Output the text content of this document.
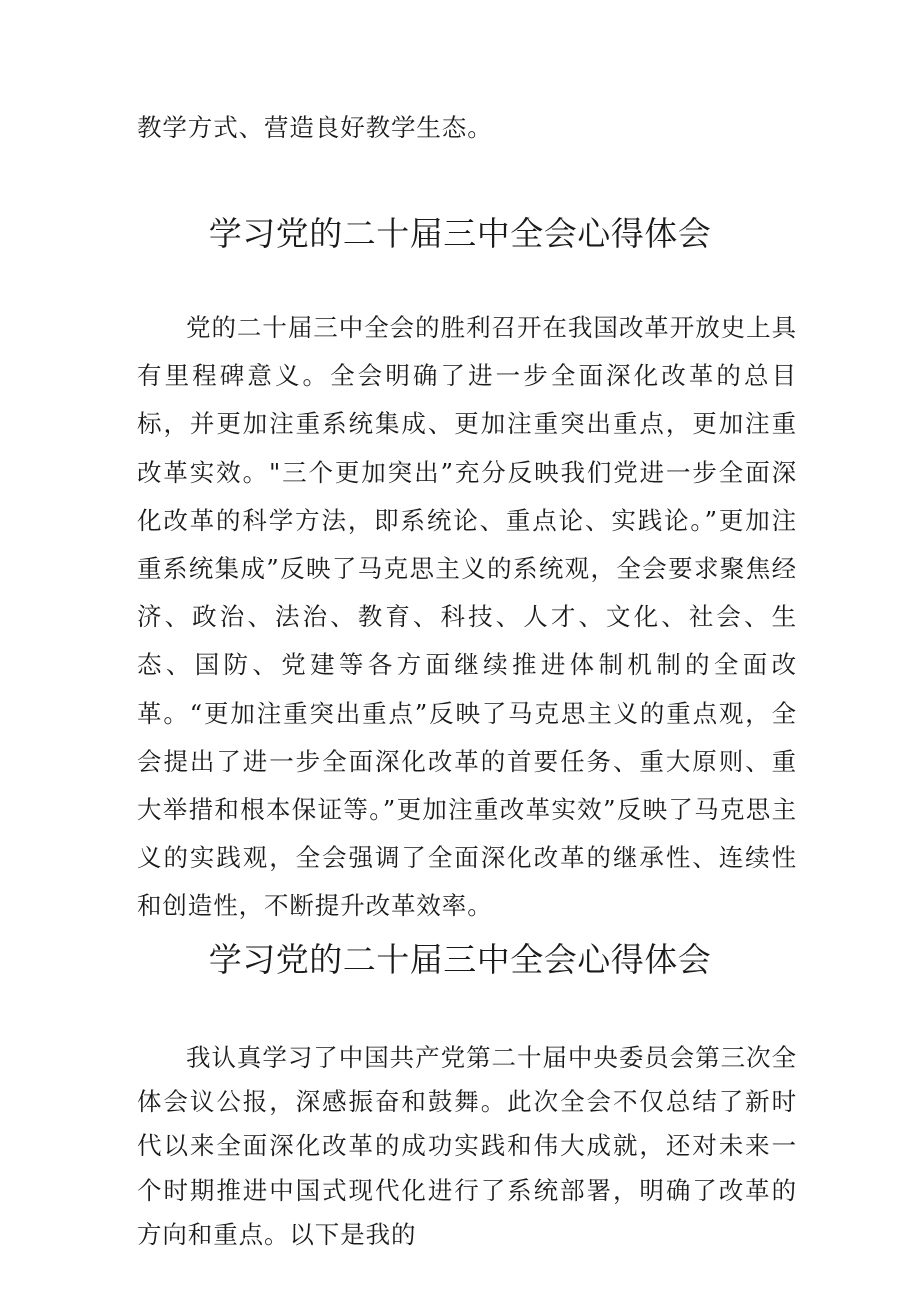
教学方式、营造良好教学生态。

学习党的二十届三中全会心得体会

党的二十届三中全会的胜利召开在我国改革开放史上具有里程碑意义。全会明确了进一步全面深化改革的总目标，并更加注重系统集成、更加注重突出重点，更加注重改革实效。"三个更加突出”充分反映我们党进一步全面深化改革的科学方法，即系统论、重点论、实践论。”更加注重系统集成”反映了马克思主义的系统观，全会要求聚焦经济、政治、法治、教育、科技、人才、文化、社会、生态、国防、党建等各方面继续推进体制机制的全面改革。“更加注重突出重点”反映了马克思主义的重点观，全会提出了进一步全面深化改革的首要任务、重大原则、重大举措和根本保证等。”更加注重改革实效”反映了马克思主义的实践观，全会强调了全面深化改革的继承性、连续性和创造性，不断提升改革效率。

学习党的二十届三中全会心得体会

我认真学习了中国共产党第二十届中央委员会第三次全体会议公报，深感振奋和鼓舞。此次全会不仅总结了新时代以来全面深化改革的成功实践和伟大成就，还对未来一个时期推进中国式现代化进行了系统部署，明确了改革的方向和重点。以下是我的
